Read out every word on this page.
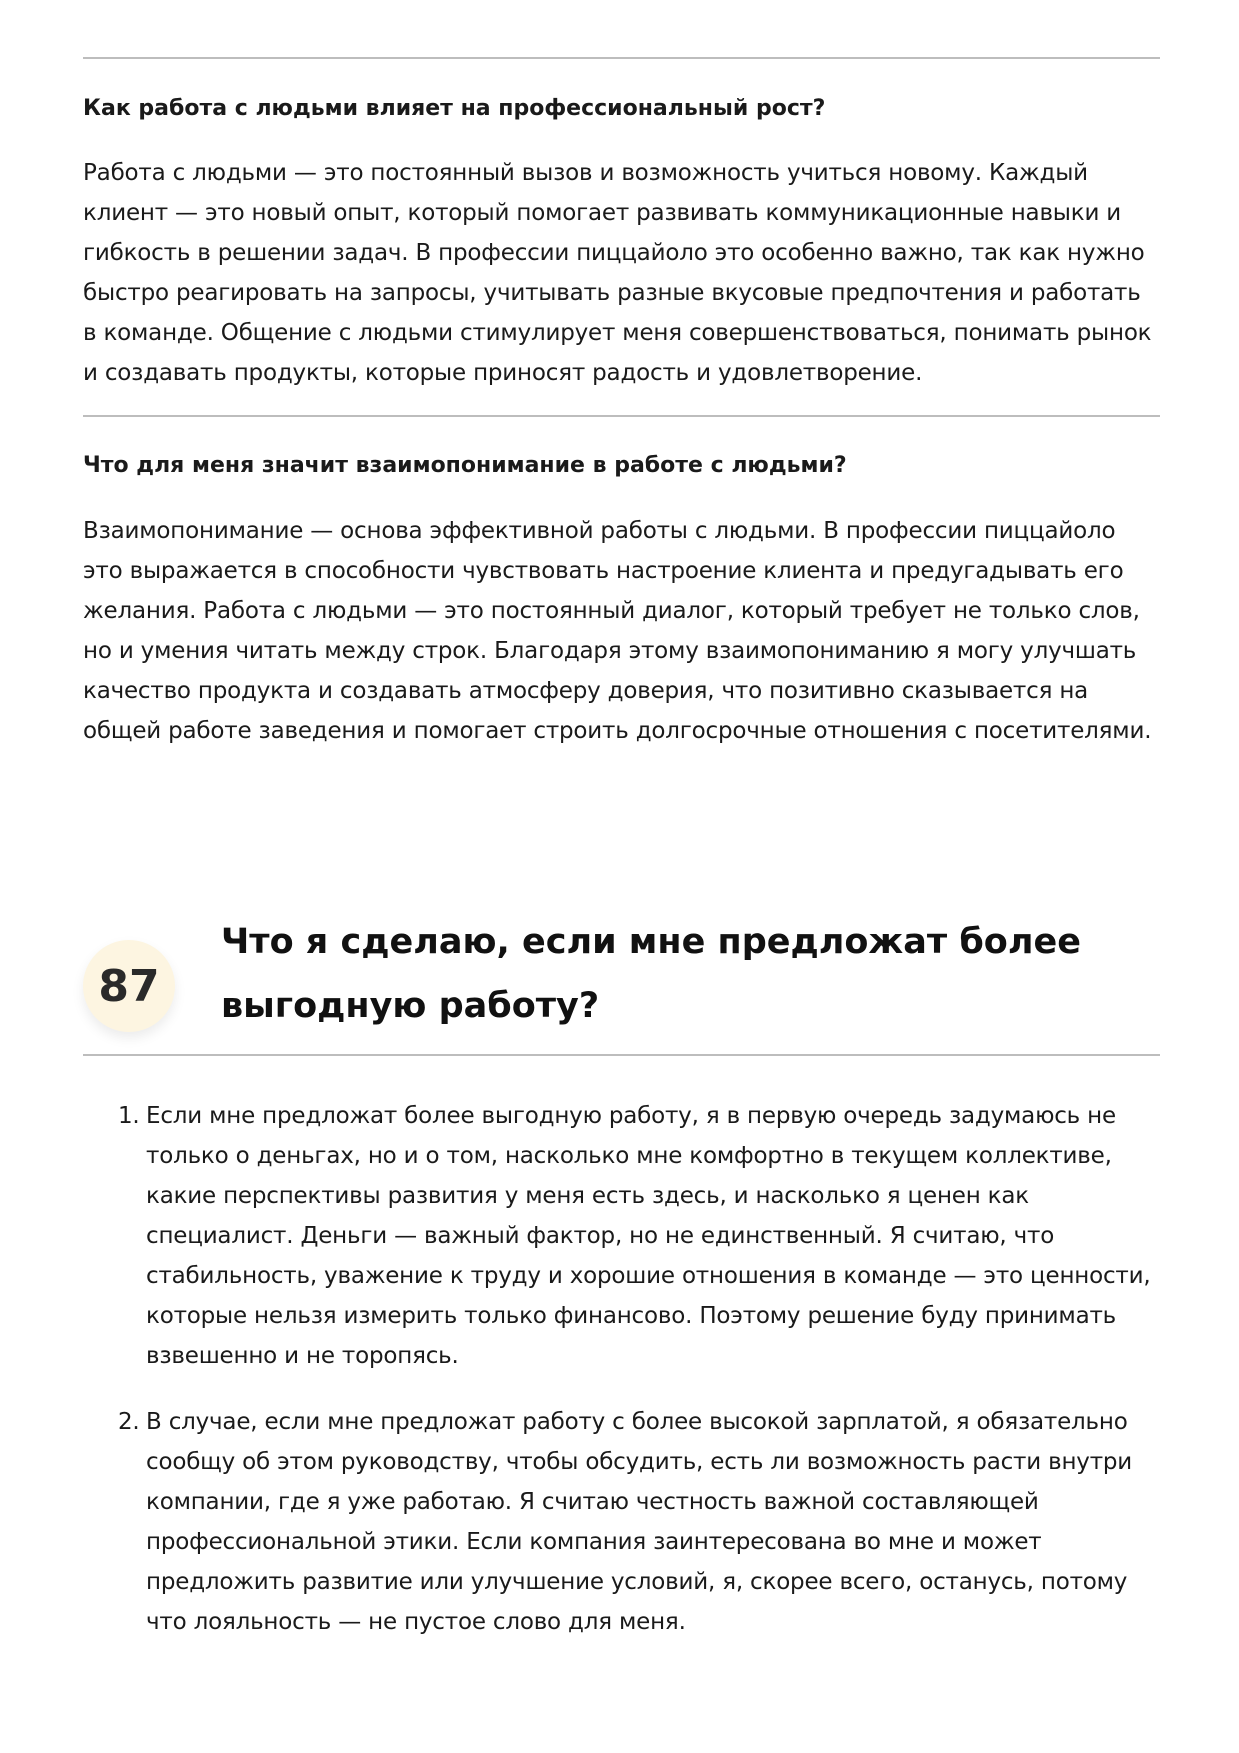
Как работа с людьми влияет на профессиональный рост?

Работа с людьми — это постоянный вызов и возможность учиться новому. Каждый клиент — это новый опыт, который помогает развивать коммуникационные навыки и гибкость в решении задач. В профессии пиццайоло это особенно важно, так как нужно быстро реагировать на запросы, учитывать разные вкусовые предпочтения и работать в команде. Общение с людьми стимулирует меня совершенствоваться, понимать рынок и создавать продукты, которые приносят радость и удовлетворение.

Что для меня значит взаимопонимание в работе с людьми?

Взаимопонимание — основа эффективной работы с людьми. В профессии пиццайоло это выражается в способности чувствовать настроение клиента и предугадывать его желания. Работа с людьми — это постоянный диалог, который требует не только слов, но и умения читать между строк. Благодаря этому взаимопониманию я могу улучшать качество продукта и создавать атмосферу доверия, что позитивно сказывается на общей работе заведения и помогает строить долгосрочные отношения с посетителями.

87
Что я сделаю, если мне предложат более выгодную работу?
1. Если мне предложат более выгодную работу, я в первую очередь задумаюсь не только о деньгах, но и о том, насколько мне комфортно в текущем коллективе, какие перспективы развития у меня есть здесь, и насколько я ценен как специалист. Деньги — важный фактор, но не единственный. Я считаю, что стабильность, уважение к труду и хорошие отношения в команде — это ценности, которые нельзя измерить только финансово. Поэтому решение буду принимать взвешенно и не торопясь.
2. В случае, если мне предложат работу с более высокой зарплатой, я обязательно сообщу об этом руководству, чтобы обсудить, есть ли возможность расти внутри компании, где я уже работаю. Я считаю честность важной составляющей профессиональной этики. Если компания заинтересована во мне и может предложить развитие или улучшение условий, я, скорее всего, останусь, потому что лояльность — не пустое слово для меня.
